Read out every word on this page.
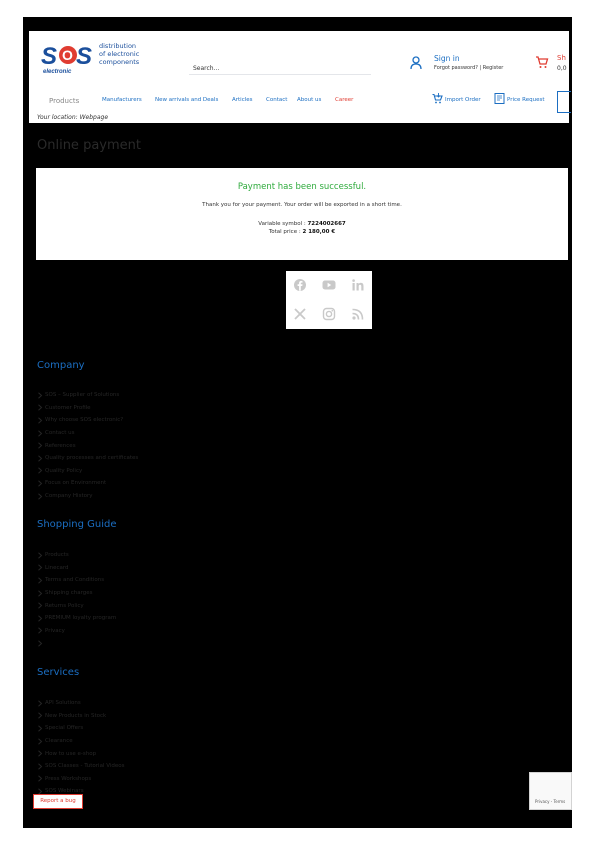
S O S
electronic
distribution
of electronic
components
Search...	Sign in
Forgot password? | Register
Sh
0,0
Products	Manufacturers New arrivals and Deals Articles Contact About us Career	Import Order	Price Request
Your location: Webpage
Online payment
Payment has been successful.
Thank you for your payment. Your order will be exported in a short time.
Variable symbol : 7224002667
Total price : 2 180,00 €
Company
SOS – Supplier of Solutions
Customer Profile
Why choose SOS electronic?
Contact us
References
Quality processes and certificates
Quality Policy
Focus on Environment
Company History
Shopping Guide
Products
Linecard
Terms and Conditions
Shipping charges
Returns Policy
PREMIUM loyalty program
Privacy
Services
API Solutions
New Products in Stock
Special Offers
Clearance
How to use e-shop
SOS Classes - Tutorial Videos
Press Workshops
SOS Webinars
Report a bug	Privacy - Terms
